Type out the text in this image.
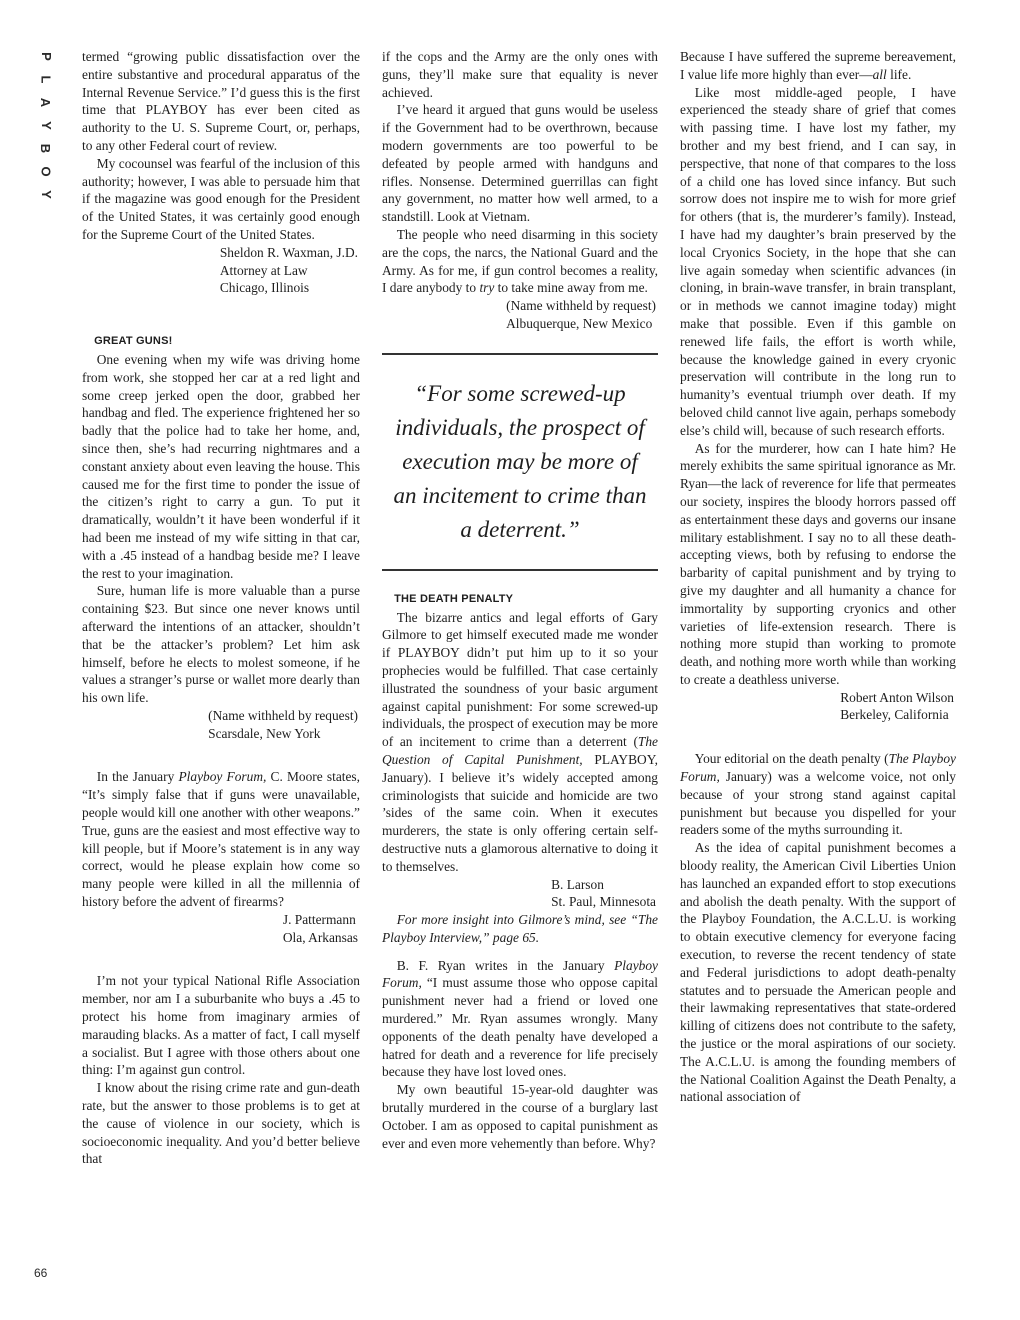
P
L
A
Y
B
O
Y
66

termed “growing public dissatisfaction over the entire substantive and procedural apparatus of the Internal Revenue Service.” I’d guess this is the first time that PLAYBOY has ever been cited as authority to the U. S. Supreme Court, or, perhaps, to any other Federal court of review.

My cocounsel was fearful of the inclusion of this authority; however, I was able to persuade him that if the magazine was good enough for the President of the United States, it was certainly good enough for the Supreme Court of the United States.

Sheldon R. Waxman, J.D.
Attorney at Law
Chicago, Illinois

GREAT GUNS!

One evening when my wife was driving home from work, she stopped her car at a red light and some creep jerked open the door, grabbed her handbag and fled. The experience frightened her so badly that the police had to take her home, and, since then, she’s had recurring nightmares and a constant anxiety about even leaving the house. This caused me for the first time to ponder the issue of the citizen’s right to carry a gun. To put it dramatically, wouldn’t it have been wonderful if it had been me instead of my wife sitting in that car, with a .45 instead of a handbag beside me? I leave the rest to your imagination.

Sure, human life is more valuable than a purse containing $23. But since one never knows until afterward the intentions of an attacker, shouldn’t that be the attacker’s problem? Let him ask himself, before he elects to molest someone, if he values a stranger’s purse or wallet more dearly than his own life.

(Name withheld by request)
Scarsdale, New York

In the January Playboy Forum, C. Moore states, “It’s simply false that if guns were unavailable, people would kill one another with other weapons.” True, guns are the easiest and most effective way to kill people, but if Moore’s statement is in any way correct, would he please explain how come so many people were killed in all the millennia of history before the advent of firearms?

J. Pattermann
Ola, Arkansas

I’m not your typical National Rifle Association member, nor am I a suburbanite who buys a .45 to protect his home from imaginary armies of marauding blacks. As a matter of fact, I call myself a socialist. But I agree with those others about one thing: I’m against gun control.

I know about the rising crime rate and gun-death rate, but the answer to those problems is to get at the cause of violence in our society, which is socioeconomic inequality. And you’d better believe that

if the cops and the Army are the only ones with guns, they’ll make sure that equality is never achieved.

I’ve heard it argued that guns would be useless if the Government had to be overthrown, because modern governments are too powerful to be defeated by people armed with handguns and rifles. Nonsense. Determined guerrillas can fight any government, no matter how well armed, to a standstill. Look at Vietnam.

The people who need disarming in this society are the cops, the narcs, the National Guard and the Army. As for me, if gun control becomes a reality, I dare anybody to try to take mine away from me.

(Name withheld by request)
Albuquerque, New Mexico

“For some screwed-up individuals, the prospect of execution may be more of an incitement to crime than a deterrent.”

THE DEATH PENALTY

The bizarre antics and legal efforts of Gary Gilmore to get himself executed made me wonder if PLAYBOY didn’t put him up to it so your prophecies would be fulfilled. That case certainly illustrated the soundness of your basic argument against capital punishment: For some screwed-up individuals, the prospect of execution may be more of an incitement to crime than a deterrent (The Question of Capital Punishment, PLAYBOY, January). I believe it’s widely accepted among criminologists that suicide and homicide are two ’sides of the same coin. When it executes murderers, the state is only offering certain self-destructive nuts a glamorous alternative to doing it to themselves.

B. Larson
St. Paul, Minnesota

For more insight into Gilmore’s mind, see “The Playboy Interview,” page 65.

B. F. Ryan writes in the January Playboy Forum, “I must assume those who oppose capital punishment never had a friend or loved one murdered.” Mr. Ryan assumes wrongly. Many opponents of the death penalty have developed a hatred for death and a reverence for life precisely because they have lost loved ones.

My own beautiful 15-year-old daughter was brutally murdered in the course of a burglary last October. I am as opposed to capital punishment as ever and even more vehemently than before. Why?

Because I have suffered the supreme bereavement, I value life more highly than ever—all life.

Like most middle-aged people, I have experienced the steady share of grief that comes with passing time. I have lost my father, my brother and my best friend, and I can say, in perspective, that none of that compares to the loss of a child one has loved since infancy. But such sorrow does not inspire me to wish for more grief for others (that is, the murderer’s family). Instead, I have had my daughter’s brain preserved by the local Cryonics Society, in the hope that she can live again someday when scientific advances (in cloning, in brain-wave transfer, in brain transplant, or in methods we cannot imagine today) might make that possible. Even if this gamble on renewed life fails, the effort is worth while, because the knowledge gained in every cryonic preservation will contribute in the long run to humanity’s eventual triumph over death. If my beloved child cannot live again, perhaps somebody else’s child will, because of such research efforts.

As for the murderer, how can I hate him? He merely exhibits the same spiritual ignorance as Mr. Ryan—the lack of reverence for life that permeates our society, inspires the bloody horrors passed off as entertainment these days and governs our insane military establishment. I say no to all these death-accepting views, both by refusing to endorse the barbarity of capital punishment and by trying to give my daughter and all humanity a chance for immortality by supporting cryonics and other varieties of life-extension research. There is nothing more stupid than working to promote death, and nothing more worth while than working to create a deathless universe.

Robert Anton Wilson
Berkeley, California

Your editorial on the death penalty (The Playboy Forum, January) was a welcome voice, not only because of your strong stand against capital punishment but because you dispelled for your readers some of the myths surrounding it.

As the idea of capital punishment becomes a bloody reality, the American Civil Liberties Union has launched an expanded effort to stop executions and abolish the death penalty. With the support of the Playboy Foundation, the A.C.L.U. is working to obtain executive clemency for everyone facing execution, to reverse the recent tendency of state and Federal jurisdictions to adopt death-penalty statutes and to persuade the American people and their lawmaking representatives that state-ordered killing of citizens does not contribute to the safety, the justice or the moral aspirations of our society. The A.C.L.U. is among the founding members of the National Coalition Against the Death Penalty, a national association of
